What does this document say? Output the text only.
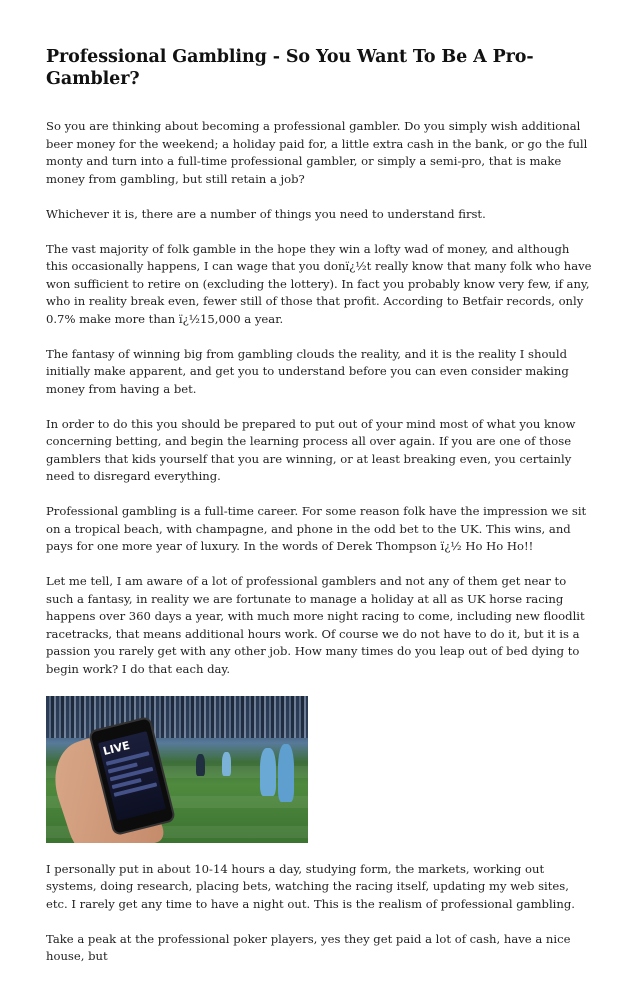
Professional Gambling - So You Want To Be A Pro-Gambler?

So you are thinking about becoming a professional gambler. Do you simply wish additional beer money for the weekend; a holiday paid for, a little extra cash in the bank, or go the full monty and turn into a full-time professional gambler, or simply a semi-pro, that is make money from gambling, but still retain a job?

Whichever it is, there are a number of things you need to understand first.

The vast majority of folk gamble in the hope they win a lofty wad of money, and although this occasionally happens, I can wage that you donï¿½t really know that many folk who have won sufficient to retire on (excluding the lottery). In fact you probably know very few, if any, who in reality break even, fewer still of those that profit. According to Betfair records, only 0.7% make more than ï¿½15,000 a year.

The fantasy of winning big from gambling clouds the reality, and it is the reality I should initially make apparent, and get you to understand before you can even consider making money from having a bet.

In order to do this you should be prepared to put out of your mind most of what you know concerning betting, and begin the learning process all over again. If you are one of those gamblers that kids yourself that you are winning, or at least breaking even, you certainly need to disregard everything.

Professional gambling is a full-time career. For some reason folk have the impression we sit on a tropical beach, with champagne, and phone in the odd bet to the UK. This wins, and pays for one more year of luxury. In the words of Derek Thompson ï¿½ Ho Ho Ho!!

Let me tell, I am aware of a lot of professional gamblers and not any of them get near to such a fantasy, in reality we are fortunate to manage a holiday at all as UK horse racing happens over 360 days a year, with much more night racing to come, including new floodlit racetracks, that means additional hours work. Of course we do not have to do it, but it is a passion you rarely get with any other job. How many times do you leap out of bed dying to begin work? I do that each day.

LIVE

I personally put in about 10-14 hours a day, studying form, the markets, working out systems, doing research, placing bets, watching the racing itself, updating my web sites, etc. I rarely get any time to have a night out. This is the realism of professional gambling.

Take a peak at the professional poker players, yes they get paid a lot of cash, have a nice house, but
